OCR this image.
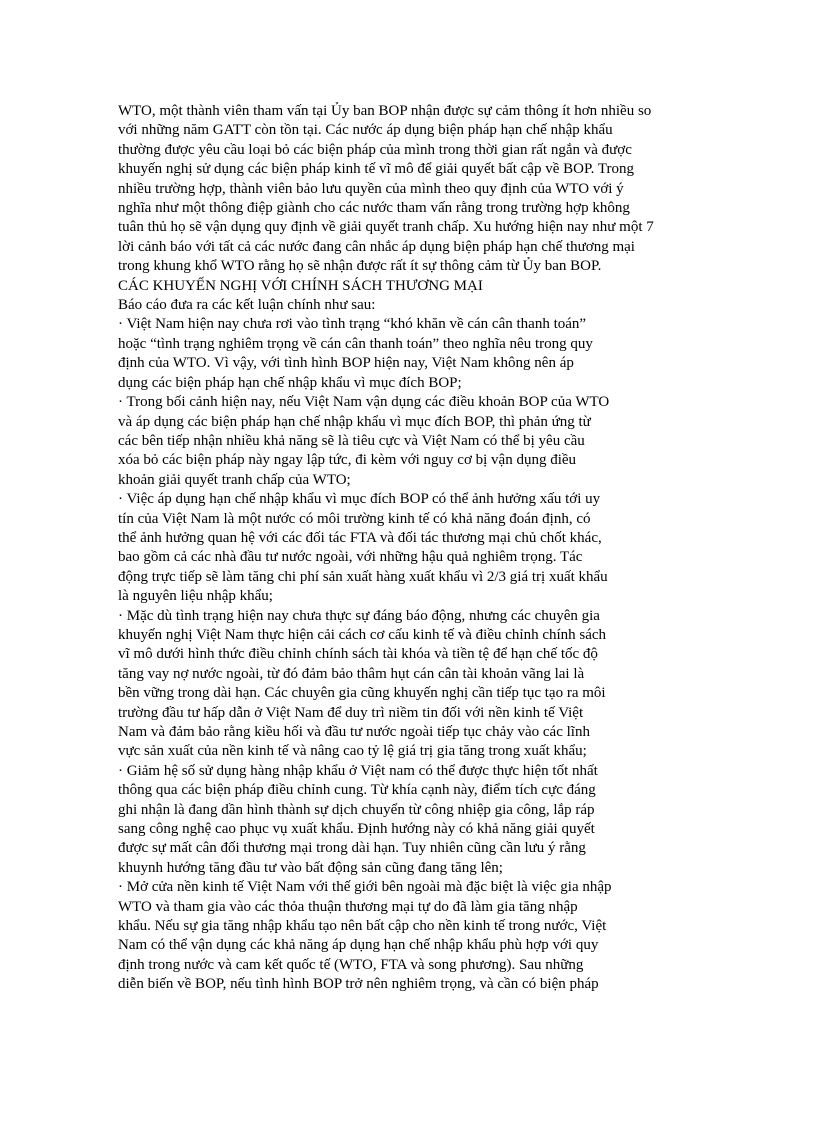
WTO, một thành viên tham vấn tại Ủy ban BOP nhận được sự cảm thông ít hơn nhiều so
với những năm GATT còn tồn tại. Các nước áp dụng biện pháp hạn chế nhập khẩu
thường được yêu cầu loại bỏ các biện pháp của mình trong thời gian rất ngắn và được
khuyến nghị sử dụng các biện pháp kinh tế vĩ mô để giải quyết bất cập về BOP. Trong
nhiều trường hợp, thành viên bảo lưu quyền của mình theo quy định của WTO với ý
nghĩa như một thông điệp giành cho các nước tham vấn rằng trong trường hợp không
tuân thủ họ sẽ vận dụng quy định về giải quyết tranh chấp. Xu hướng hiện nay như một 7
lời cảnh báo với tất cả các nước đang cân nhắc áp dụng biện pháp hạn chế thương mại
trong khung khổ WTO rằng họ sẽ nhận được rất ít sự thông cảm từ Ủy ban BOP.
CÁC KHUYẾN NGHỊ VỚI CHÍNH SÁCH THƯƠNG MẠI
Báo cáo đưa ra các kết luận chính như sau:
· Việt Nam hiện nay chưa rơi vào tình trạng “khó khăn về cán cân thanh toán”
hoặc “tình trạng nghiêm trọng về cán cân thanh toán” theo nghĩa nêu trong quy
định của WTO. Vì vậy, với tình hình BOP hiện nay, Việt Nam không nên áp
dụng các biện pháp hạn chế nhập khẩu vì mục đích BOP;
· Trong bối cảnh hiện nay, nếu Việt Nam vận dụng các điều khoản BOP của WTO
và áp dụng các biện pháp hạn chế nhập khẩu vì mục đích BOP, thì phản ứng từ
các bên tiếp nhận nhiều khả năng sẽ là tiêu cực và Việt Nam có thể bị yêu cầu
xóa bỏ các biện pháp này ngay lập tức, đi kèm với nguy cơ bị vận dụng điều
khoản giải quyết tranh chấp của WTO;
· Việc áp dụng hạn chế nhập khẩu vì mục đích BOP có thể ảnh hưởng xấu tới uy
tín của Việt Nam là một nước có môi trường kinh tế có khả năng đoán định, có
thể ảnh hưởng quan hệ với các đối tác FTA và đối tác thương mại chủ chốt khác,
bao gồm cả các nhà đầu tư nước ngoài, với những hậu quả nghiêm trọng. Tác
động trực tiếp sẽ làm tăng chi phí sản xuất hàng xuất khẩu vì 2/3 giá trị xuất khẩu
là nguyên liệu nhập khẩu;
· Mặc dù tình trạng hiện nay chưa thực sự đáng báo động, nhưng các chuyên gia
khuyến nghị Việt Nam thực hiện cải cách cơ cấu kinh tế và điều chỉnh chính sách
vĩ mô dưới hình thức điều chỉnh chính sách tài khóa và tiền tệ để hạn chế tốc độ
tăng vay nợ nước ngoài, từ đó đảm bảo thâm hụt cán cân tài khoản vãng lai là
bền vững trong dài hạn. Các chuyên gia cũng khuyến nghị cần tiếp tục tạo ra môi
trường đầu tư hấp dẫn ở Việt Nam để duy trì niềm tin đối với nền kinh tế Việt
Nam và đảm bảo rằng kiều hối và đầu tư nước ngoài tiếp tục chảy vào các lĩnh
vực sản xuất của nền kinh tế và nâng cao tỷ lệ giá trị gia tăng trong xuất khẩu;
· Giảm hệ số sử dụng hàng nhập khẩu ở Việt nam có thể được thực hiện tốt nhất
thông qua các biện pháp điều chỉnh cung. Từ khía cạnh này, điểm tích cực đáng
ghi nhận là đang dần hình thành sự dịch chuyển từ công nhiệp gia công, lắp ráp
sang công nghệ cao phục vụ xuất khẩu. Định hướng này có khả năng giải quyết
được sự mất cân đối thương mại trong dài hạn. Tuy nhiên cũng cần lưu ý rằng
khuynh hướng tăng đầu tư vào bất động sản cũng đang tăng lên;
· Mở cửa nền kinh tế Việt Nam với thế giới bên ngoài mà đặc biệt là việc gia nhập
WTO và tham gia vào các thỏa thuận thương mại tự do đã làm gia tăng nhập
khẩu. Nếu sự gia tăng nhập khẩu tạo nên bất cập cho nền kinh tế trong nước, Việt
Nam có thể vận dụng các khả năng áp dụng hạn chế nhập khẩu phù hợp với quy
định trong nước và cam kết quốc tế (WTO, FTA và song phương). Sau những
diễn biến về BOP, nếu tình hình BOP trở nên nghiêm trọng, và cần có biện pháp
